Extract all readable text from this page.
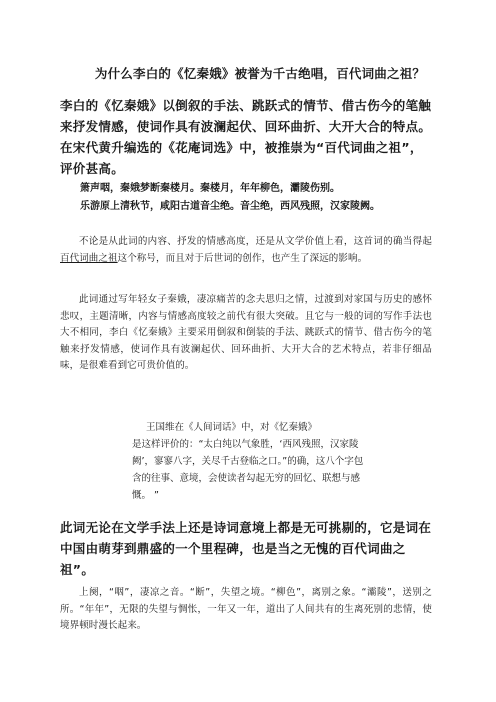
为什么李白的《忆秦娥》被誉为千古绝唱，百代词曲之祖？
李白的《忆秦娥》以倒叙的手法、跳跃式的情节、借古伤今的笔触来抒发情感，使词作具有波澜起伏、回环曲折、大开大合的特点。在宋代黄升编选的《花庵词选》中，被推崇为“百代词曲之祖”，评价甚高。
箫声咽，秦娥梦断秦楼月。秦楼月，年年柳色，灞陵伤别。
乐游原上清秋节，咸阳古道音尘绝。音尘绝，西风残照，汉家陵阙。
不论是从此词的内容、抒发的情感高度，还是从文学价值上看，这首词的确当得起百代词曲之祖这个称号，而且对于后世词的创作，也产生了深远的影响。
此词通过写年轻女子秦娥，凄凉痛苦的念夫思归之情，过渡到对家国与历史的感怀悲叹，主题清晰，内容与情感高度较之前代有很大突破。且它与一般的词的写作手法也大不相同，李白《忆秦娥》主要采用倒叙和倒装的手法、跳跃式的情节、借古伤今的笔触来抒发情感，使词作具有波澜起伏、回环曲折、大开大合的艺术特点，若非仔细品味，是很难看到它可贵价值的。
王国维在《人间词话》中，对《忆秦娥》
是这样评价的：“太白纯以气象胜，‘西风残照，汉家陵阙’，寥寥八字，关尽千古登临之口。”的确，这八个字包含的往事、意境，会使读者勾起无穷的回忆、联想与感慨。 ”
此词无论在文学手法上还是诗词意境上都是无可挑剔的，它是词在中国由萌芽到鼎盛的一个里程碑，也是当之无愧的百代词曲之祖”。
上阕，“咽”，凄凉之音。“断”，失望之境。“柳色”，离别之象。“灞陵”，送别之所。“年年”，无限的失望与惆怅，一年又一年，道出了人间共有的生离死别的悲情，使境界顿时漫长起来。
